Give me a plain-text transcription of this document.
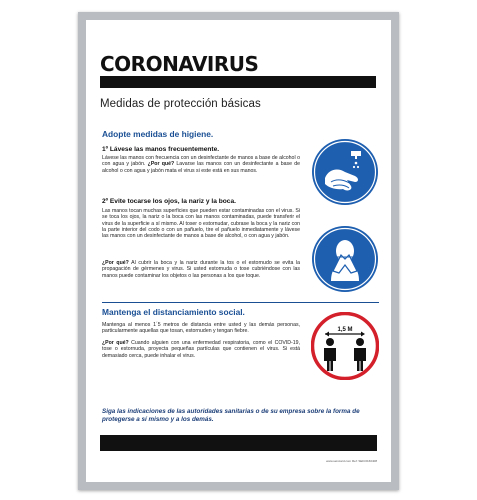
CORONAVIRUS
Medidas de protección básicas
Adopte medidas de higiene.
1º Lávese las manos frecuentemente.
Lávese las manos con frecuencia con un desinfectante de manos a base de alcohol o con agua y jabón. ¿Por qué? Lavarse las manos con un desinfectante a base de alcohol o con agua y jabón mata el virus si este está en sus manos.
2º Evite tocarse los ojos, la nariz y la boca.
Las manos tocan muchas superficies que pueden estar contaminadas con el virus. Si se toca los ojos, la nariz o la boca con las manos contaminadas, puede transferir el virus de la superficie a sí mismo. Al toser o estornudar, cubrase la boca y la nariz con la parte interior del codo o con un pañuelo, tire el pañuelo inmediatamente y lávese las manos con un desinfectante de manos a base de alcohol, o con agua y jabón.
¿Por qué? Al cubrir la boca y la nariz durante la tos o el estornudo se evita la propagación de gérmenes y virus. Si usted estornuda o tose cubriéndose con las manos puede contaminar los objetos o las personas a los que toque.
Mantenga el distanciamiento social.
Mantenga al menos 1´5 metros de distancia entre usted y las demás personas, particularmente aquellas que tosan, estornuden y tengan fiebre.
¿Por qué? Cuando alguien con una enfermedad respiratoria, como el COVID-19, tose o estornuda, proyecta pequeñas partículas que contienen el virus. Si está demasiado cerca, puede inhalar el virus.
1,5 M
Siga las indicaciones de las autoridades sanitarias o de su empresa sobre la forma de protegerse a sí mismo y a los demás.
www.seincard.com Ref: SEIC0160408
